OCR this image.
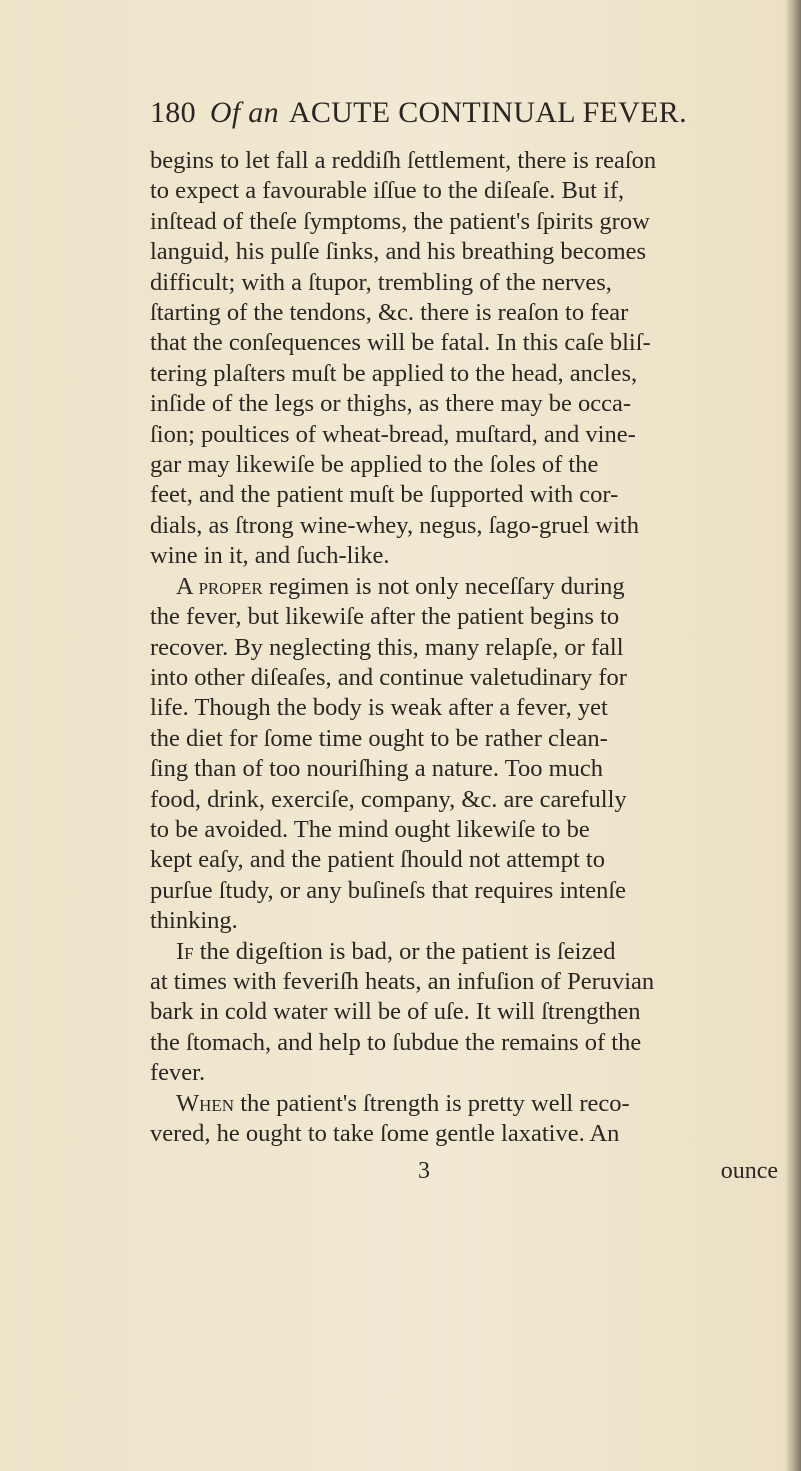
180 Of an ACUTE CONTINUAL FEVER.

begins to let fall a reddiſh ſettlement, there is reaſon
to expect a favourable iſſue to the diſeaſe. But if,
inſtead of theſe ſymptoms, the patient's ſpirits grow
languid, his pulſe ſinks, and his breathing becomes
difficult; with a ſtupor, trembling of the nerves,
ſtarting of the tendons, &c. there is reaſon to fear
that the conſequences will be fatal. In this caſe bliſ-
tering plaſters muſt be applied to the head, ancles,
inſide of the legs or thighs, as there may be occa-
ſion; poultices of wheat-bread, muſtard, and vine-
gar may likewiſe be applied to the ſoles of the
feet, and the patient muſt be ſupported with cor-
dials, as ſtrong wine-whey, negus, ſago-gruel with
wine in it, and ſuch-like.

A proper regimen is not only neceſſary during
the fever, but likewiſe after the patient begins to
recover. By neglecting this, many relapſe, or fall
into other diſeaſes, and continue valetudinary for
life. Though the body is weak after a fever, yet
the diet for ſome time ought to be rather clean-
ſing than of too nouriſhing a nature. Too much
food, drink, exerciſe, company, &c. are carefully
to be avoided. The mind ought likewiſe to be
kept eaſy, and the patient ſhould not attempt to
purſue ſtudy, or any buſineſs that requires intenſe
thinking.

If the digeſtion is bad, or the patient is ſeized
at times with feveriſh heats, an infuſion of Peruvian
bark in cold water will be of uſe. It will ſtrengthen
the ſtomach, and help to ſubdue the remains of the
fever.

When the patient's ſtrength is pretty well reco-
vered, he ought to take ſome gentle laxative. An

3	ounce
